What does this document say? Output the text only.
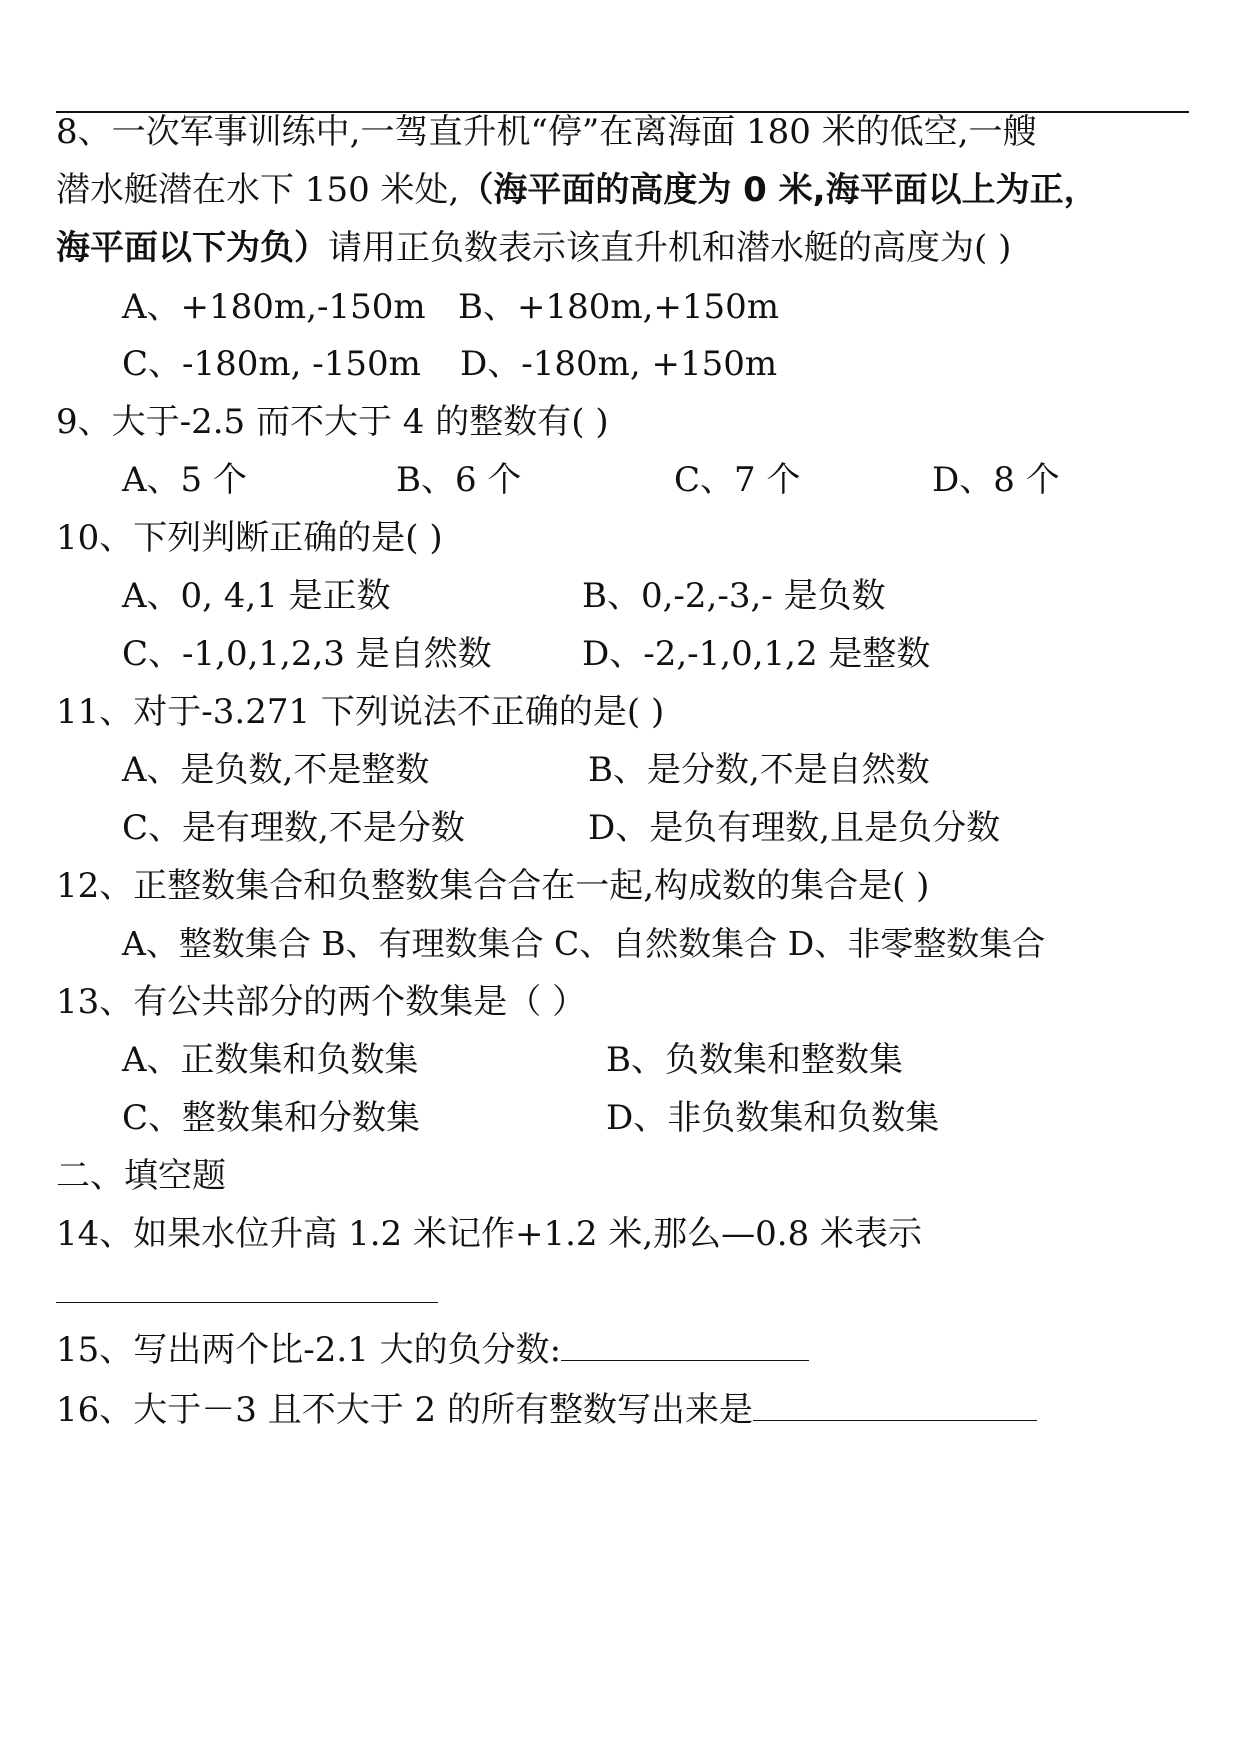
8、一次军事训练中,一驾直升机“停”在离海面 180 米的低空,一艘
潜水艇潜在水下 150 米处,（海平面的高度为 0 米,海平面以上为正，
海平面以下为负）请用正负数表示该直升机和潜水艇的高度为( )
A、+180m,-150m B、+180m,+150m
C、-180m, -150m D、-180m, +150m
9、大于-2.5 而不大于 4 的整数有( )
A、5 个	B、6 个	C、7 个	D、8 个
10、下列判断正确的是( )
A、0, 4,1 是正数	B、0,-2,-3,- 是负数
C、-1,0,1,2,3 是自然数	D、-2,-1,0,1,2 是整数
11、对于-3.271 下列说法不正确的是( )
A、是负数,不是整数	B、是分数,不是自然数
C、是有理数,不是分数	D、是负有理数,且是负分数
12、正整数集合和负整数集合合在一起,构成数的集合是( )
A、整数集合 B、有理数集合 C、自然数集合 D、非零整数集合
13、有公共部分的两个数集是（ ）
A、正数集和负数集	B、负数集和整数集
C、整数集和分数集	D、非负数集和负数集
二、填空题
14、如果水位升高 1.2 米记作+1.2 米,那么—0.8 米表示
15、写出两个比-2.1 大的负分数:
16、大于－3 且不大于 2 的所有整数写出来是
